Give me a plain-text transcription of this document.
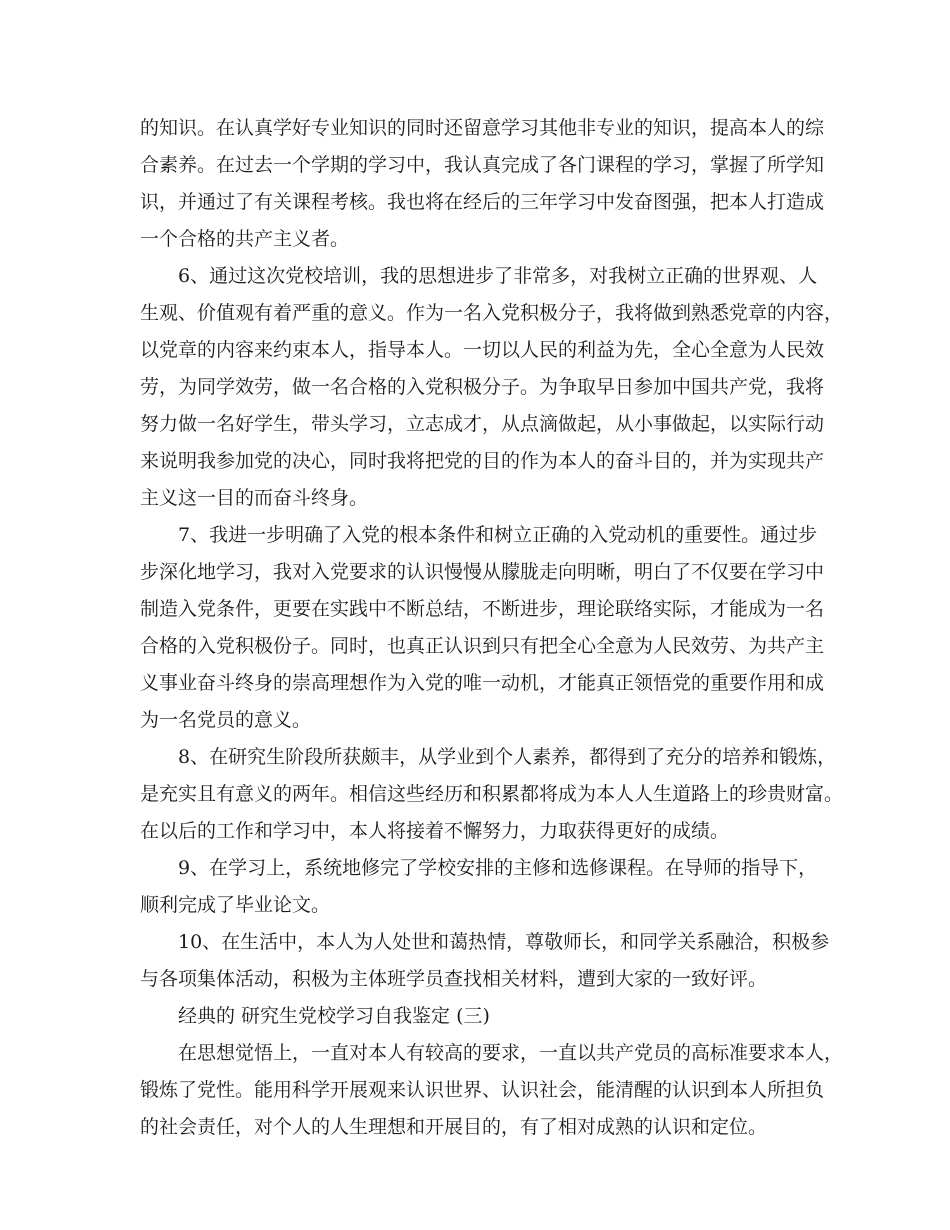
的知识。在认真学好专业知识的同时还留意学习其他非专业的知识，提高本人的综
合素养。在过去一个学期的学习中，我认真完成了各门课程的学习，掌握了所学知
识，并通过了有关课程考核。我也将在经后的三年学习中发奋图强，把本人打造成
一个合格的共产主义者。
6、通过这次党校培训，我的思想进步了非常多，对我树立正确的世界观、人
生观、价值观有着严重的意义。作为一名入党积极分子，我将做到熟悉党章的内容，
以党章的内容来约束本人，指导本人。一切以人民的利益为先，全心全意为人民效
劳，为同学效劳，做一名合格的入党积极分子。为争取早日参加中国共产党，我将
努力做一名好学生，带头学习，立志成才，从点滴做起，从小事做起，以实际行动
来说明我参加党的决心，同时我将把党的目的作为本人的奋斗目的，并为实现共产
主义这一目的而奋斗终身。
7、我进一步明确了入党的根本条件和树立正确的入党动机的重要性。通过步
步深化地学习，我对入党要求的认识慢慢从朦胧走向明晰，明白了不仅要在学习中
制造入党条件，更要在实践中不断总结，不断进步，理论联络实际，才能成为一名
合格的入党积极份子。同时，也真正认识到只有把全心全意为人民效劳、为共产主
义事业奋斗终身的崇高理想作为入党的唯一动机，才能真正领悟党的重要作用和成
为一名党员的意义。
8、在研究生阶段所获颇丰，从学业到个人素养，都得到了充分的培养和锻炼，
是充实且有意义的两年。相信这些经历和积累都将成为本人人生道路上的珍贵财富。
在以后的工作和学习中，本人将接着不懈努力，力取获得更好的成绩。
9、在学习上，系统地修完了学校安排的主修和选修课程。在导师的指导下，
顺利完成了毕业论文。
10、在生活中，本人为人处世和蔼热情，尊敬师长，和同学关系融洽，积极参
与各项集体活动，积极为主体班学员查找相关材料，遭到大家的一致好评。
经典的 研究生党校学习自我鉴定 (三)
在思想觉悟上，一直对本人有较高的要求，一直以共产党员的高标准要求本人，
锻炼了党性。能用科学开展观来认识世界、认识社会，能清醒的认识到本人所担负
的社会责任，对个人的人生理想和开展目的，有了相对成熟的认识和定位。
